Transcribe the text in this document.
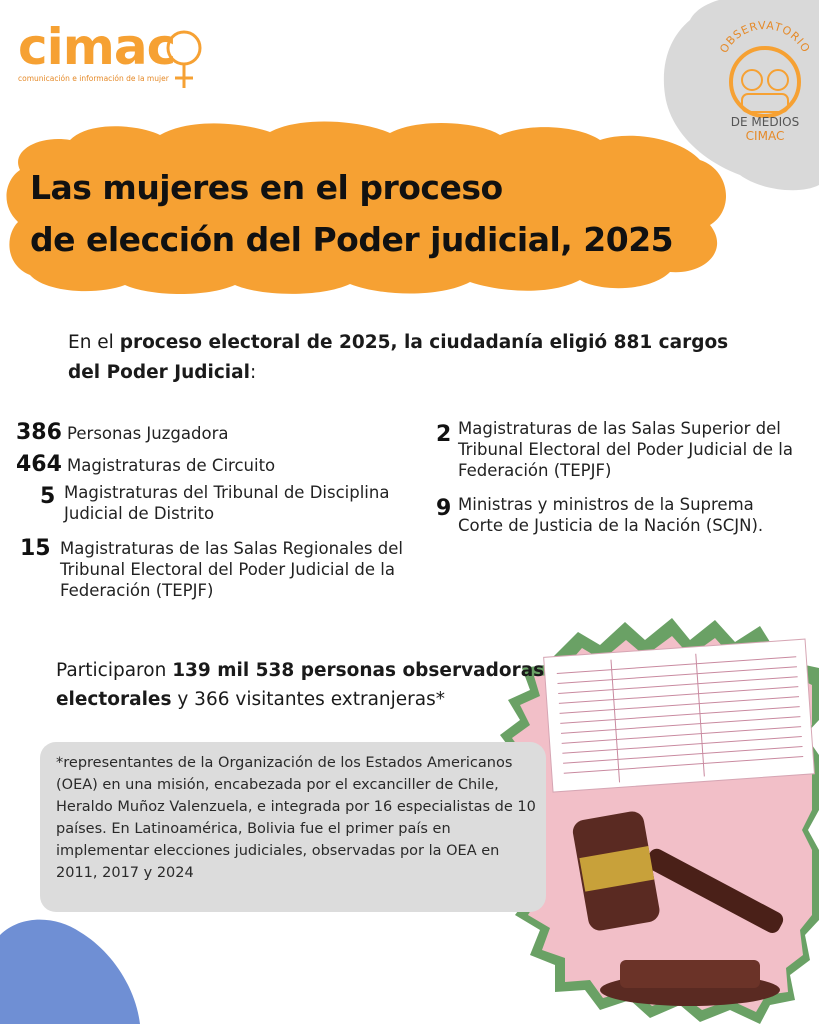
cimac
comunicación e información de la mujer
OBSERVATORIO
DE MEDIOS
CIMAC
Las mujeres en el proceso
de elección del Poder judicial, 2025
En el proceso electoral de 2025, la ciudadanía eligió 881 cargos del Poder Judicial:
386 Personas Juzgadora
464 Magistraturas de Circuito
5 Magistraturas del Tribunal de Disciplina Judicial de Distrito
15 Magistraturas de las Salas Regionales del Tribunal Electoral del Poder Judicial de la Federación (TEPJF)
2 Magistraturas de las Salas Superior del Tribunal Electoral del Poder Judicial de la Federación (TEPJF)
9 Ministras y ministros de la Suprema Corte de Justicia de la Nación (SCJN).
Participaron 139 mil 538 personas observadoras electorales y 366 visitantes extranjeras*
*representantes de la Organización de los Estados Americanos (OEA) en una misión, encabezada por el excanciller de Chile, Heraldo Muñoz Valenzuela, e integrada por 16 especialistas de 10 países. En Latinoamérica, Bolivia fue el primer país en implementar elecciones judiciales, observadas por la OEA en 2011, 2017 y 2024
